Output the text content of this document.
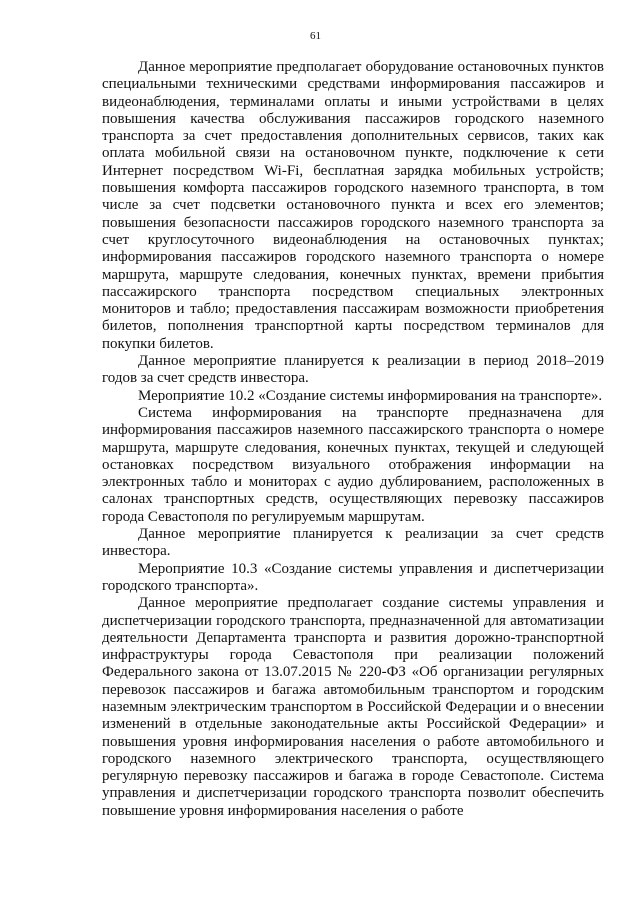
61

Данное мероприятие предполагает оборудование остановочных пунктов специальными техническими средствами информирования пассажиров и видеонаблюдения, терминалами оплаты и иными устройствами в целях повышения качества обслуживания пассажиров городского наземного транспорта за счет предоставления дополнительных сервисов, таких как оплата мобильной связи на остановочном пункте, подключение к сети Интернет посредством Wi-Fi, бесплатная зарядка мобильных устройств; повышения комфорта пассажиров городского наземного транспорта, в том числе за счет подсветки остановочного пункта и всех его элементов; повышения безопасности пассажиров городского наземного транспорта за счет круглосуточного видеонаблюдения на остановочных пунктах; информирования пассажиров городского наземного транспорта о номере маршрута, маршруте следования, конечных пунктах, времени прибытия пассажирского транспорта посредством специальных электронных мониторов и табло; предоставления пассажирам возможности приобретения билетов, пополнения транспортной карты посредством терминалов для покупки билетов.

Данное мероприятие планируется к реализации в период 2018–2019 годов за счет средств инвестора.

Мероприятие 10.2 «Создание системы информирования на транспорте».

Система информирования на транспорте предназначена для информирования пассажиров наземного пассажирского транспорта о номере маршрута, маршруте следования, конечных пунктах, текущей и следующей остановках посредством визуального отображения информации на электронных табло и мониторах с аудио дублированием, расположенных в салонах транспортных средств, осуществляющих перевозку пассажиров города Севастополя по регулируемым маршрутам.

Данное мероприятие планируется к реализации за счет средств инвестора.

Мероприятие 10.3 «Создание системы управления и диспетчеризации городского транспорта».

Данное мероприятие предполагает создание системы управления и диспетчеризации городского транспорта, предназначенной для автоматизации деятельности Департамента транспорта и развития дорожно-транспортной инфраструктуры города Севастополя при реализации положений Федерального закона от 13.07.2015 № 220-ФЗ «Об организации регулярных перевозок пассажиров и багажа автомобильным транспортом и городским наземным электрическим транспортом в Российской Федерации и о внесении изменений в отдельные законодательные акты Российской Федерации» и повышения уровня информирования населения о работе автомобильного и городского наземного электрического транспорта, осуществляющего регулярную перевозку пассажиров и багажа в городе Севастополе. Система управления и диспетчеризации городского транспорта позволит обеспечить повышение уровня информирования населения о работе
